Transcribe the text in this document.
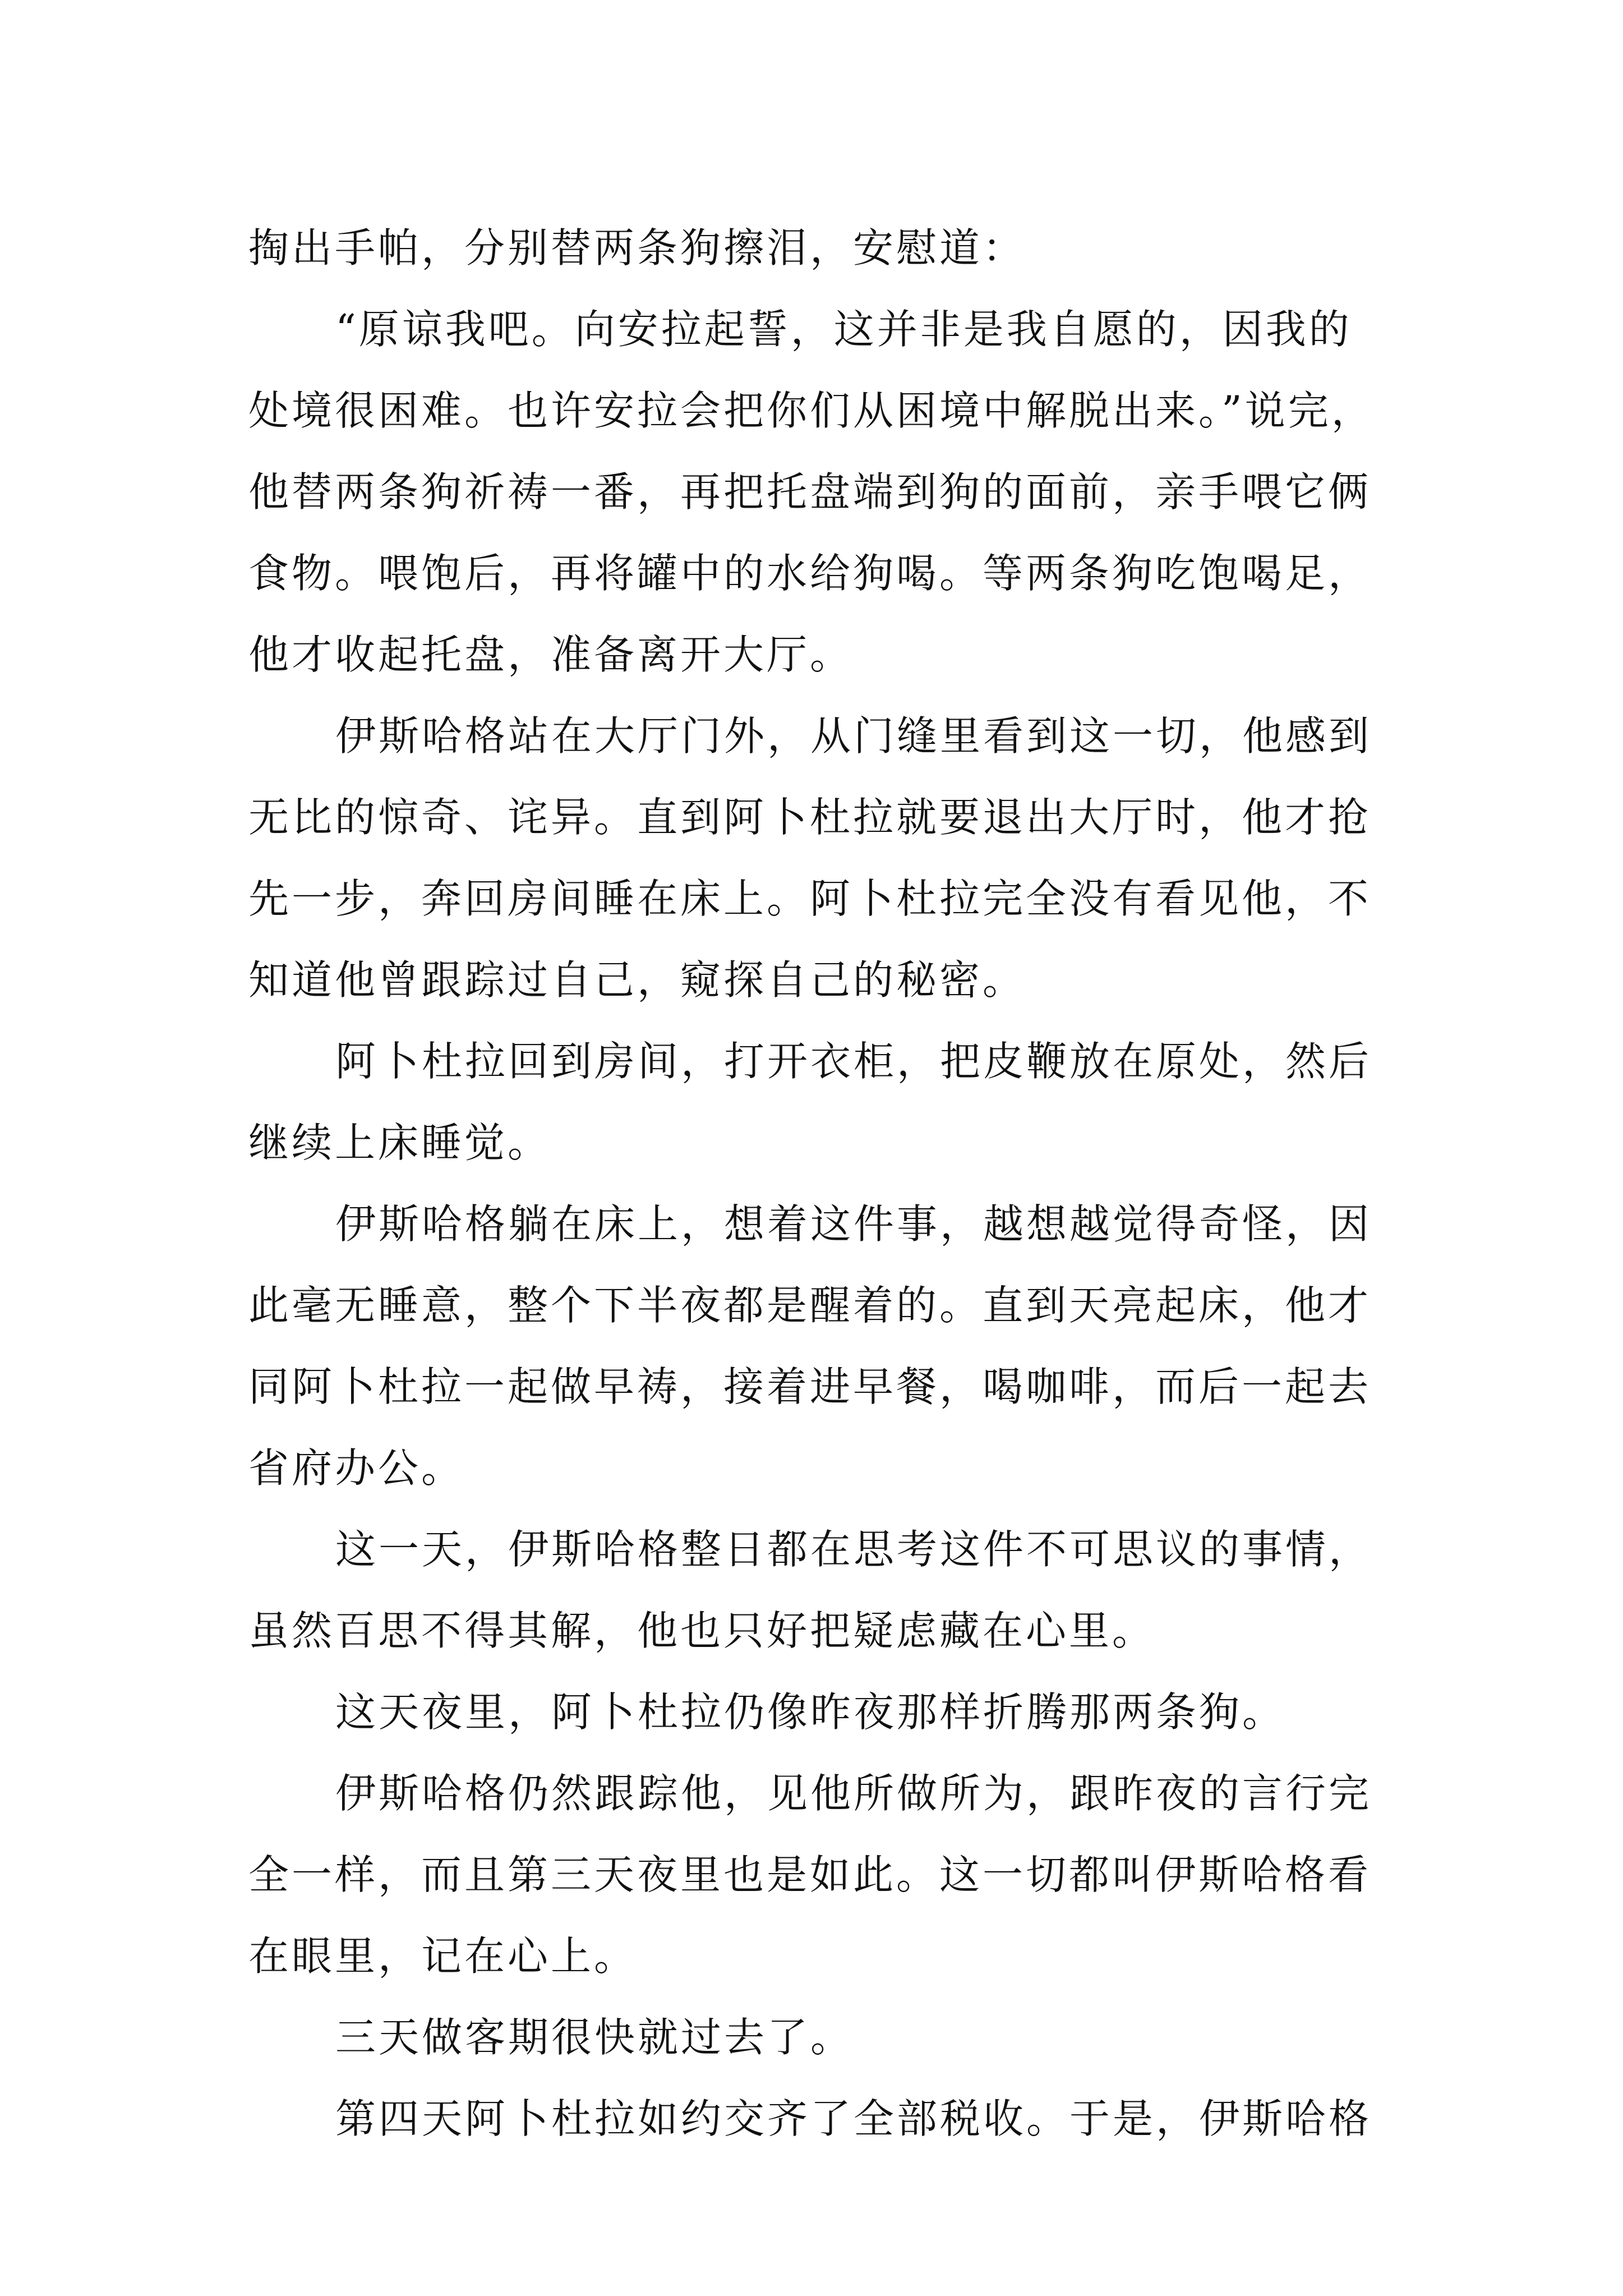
掏出手帕，分别替两条狗擦泪，安慰道：
“原谅我吧。向安拉起誓，这并非是我自愿的，因我的
处境很困难。也许安拉会把你们从困境中解脱出来。”说完，
他替两条狗祈祷一番，再把托盘端到狗的面前，亲手喂它俩
食物。喂饱后，再将罐中的水给狗喝。等两条狗吃饱喝足，
他才收起托盘，准备离开大厅。
伊斯哈格站在大厅门外，从门缝里看到这一切，他感到
无比的惊奇、诧异。直到阿卜杜拉就要退出大厅时，他才抢
先一步，奔回房间睡在床上。阿卜杜拉完全没有看见他，不
知道他曾跟踪过自己，窥探自己的秘密。
阿卜杜拉回到房间，打开衣柜，把皮鞭放在原处，然后
继续上床睡觉。
伊斯哈格躺在床上，想着这件事，越想越觉得奇怪，因
此毫无睡意，整个下半夜都是醒着的。直到天亮起床，他才
同阿卜杜拉一起做早祷，接着进早餐，喝咖啡，而后一起去
省府办公。
这一天，伊斯哈格整日都在思考这件不可思议的事情，
虽然百思不得其解，他也只好把疑虑藏在心里。
这天夜里，阿卜杜拉仍像昨夜那样折腾那两条狗。
伊斯哈格仍然跟踪他，见他所做所为，跟昨夜的言行完
全一样，而且第三天夜里也是如此。这一切都叫伊斯哈格看
在眼里，记在心上。
三天做客期很快就过去了。
第四天阿卜杜拉如约交齐了全部税收。于是，伊斯哈格
